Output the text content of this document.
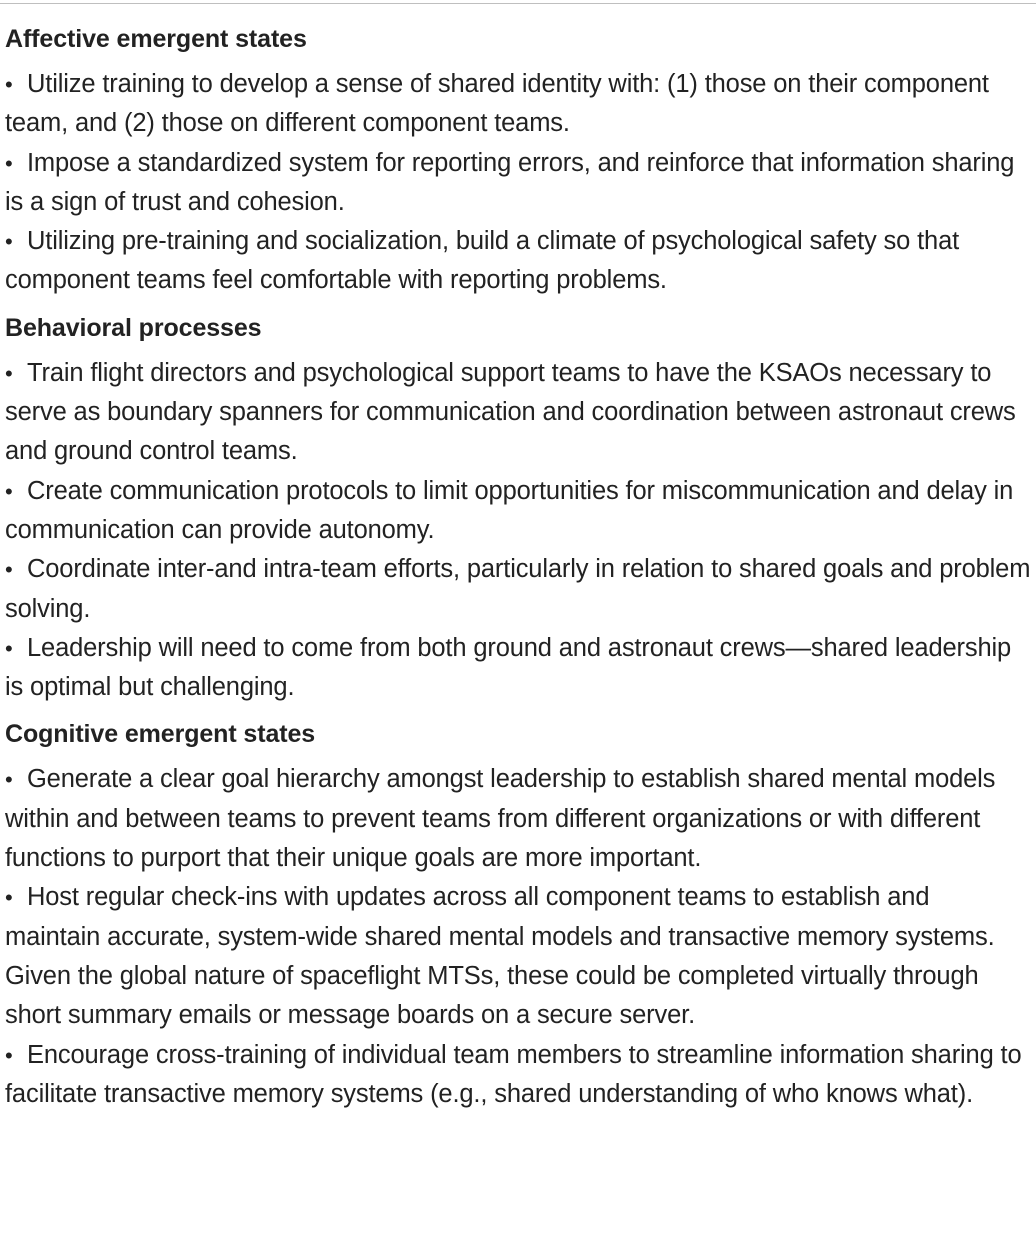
Affective emergent states
• Utilize training to develop a sense of shared identity with: (1) those on their component team, and (2) those on different component teams.
• Impose a standardized system for reporting errors, and reinforce that information sharing is a sign of trust and cohesion.
• Utilizing pre-training and socialization, build a climate of psychological safety so that component teams feel comfortable with reporting problems.
Behavioral processes
• Train flight directors and psychological support teams to have the KSAOs necessary to serve as boundary spanners for communication and coordination between astronaut crews and ground control teams.
• Create communication protocols to limit opportunities for miscommunication and delay in communication can provide autonomy.
• Coordinate inter-and intra-team efforts, particularly in relation to shared goals and problem solving.
• Leadership will need to come from both ground and astronaut crews—shared leadership is optimal but challenging.
Cognitive emergent states
• Generate a clear goal hierarchy amongst leadership to establish shared mental models within and between teams to prevent teams from different organizations or with different functions to purport that their unique goals are more important.
• Host regular check-ins with updates across all component teams to establish and maintain accurate, system-wide shared mental models and transactive memory systems. Given the global nature of spaceflight MTSs, these could be completed virtually through short summary emails or message boards on a secure server.
• Encourage cross-training of individual team members to streamline information sharing to facilitate transactive memory systems (e.g., shared understanding of who knows what).
